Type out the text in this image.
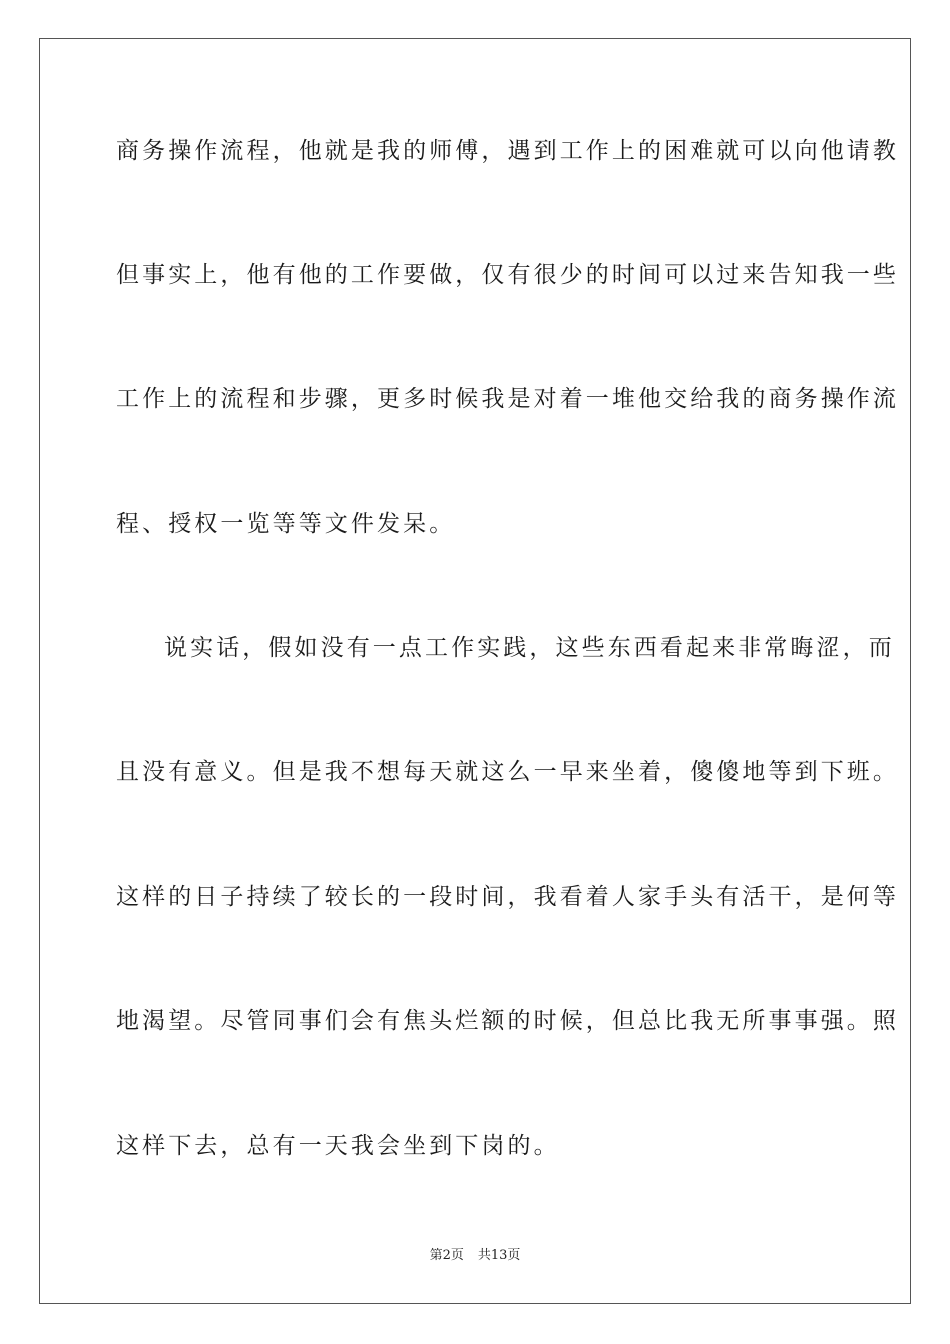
商务操作流程，他就是我的师傅，遇到工作上的困难就可以向他请教
但事实上，他有他的工作要做，仅有很少的时间可以过来告知我一些
工作上的流程和步骤，更多时候我是对着一堆他交给我的商务操作流
程、授权一览等等文件发呆。
说实话，假如没有一点工作实践，这些东西看起来非常晦涩，而
且没有意义。但是我不想每天就这么一早来坐着，傻傻地等到下班。
这样的日子持续了较长的一段时间，我看着人家手头有活干，是何等
地渴望。尽管同事们会有焦头烂额的时候，但总比我无所事事强。照
这样下去，总有一天我会坐到下岗的。
第2页 共13页
